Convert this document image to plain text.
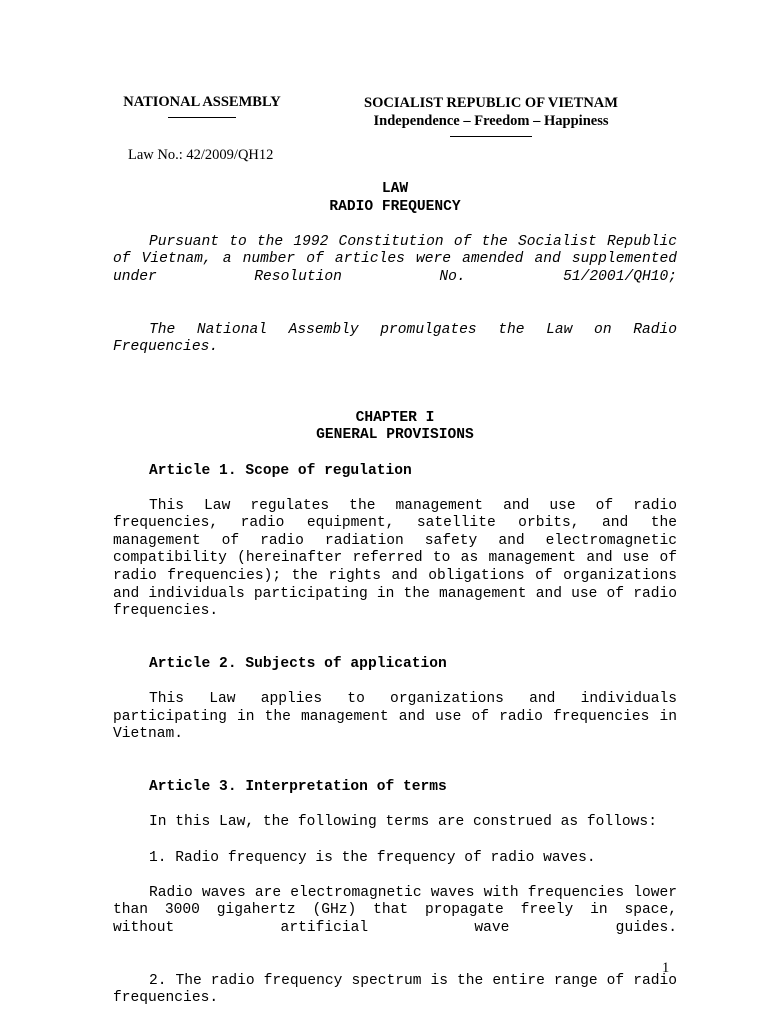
NATIONAL ASSEMBLY	SOCIALIST REPUBLIC OF VIETNAM
Independence – Freedom – Happiness
Law No.: 42/2009/QH12
LAW
RADIO FREQUENCY

Pursuant to the 1992 Constitution of the Socialist Republic of Vietnam, a number of articles were amended and supplemented under Resolution No. 51/2001/QH10;

The National Assembly promulgates the Law on Radio Frequencies.

CHAPTER I
GENERAL PROVISIONS

Article 1. Scope of regulation

This Law regulates the management and use of radio frequencies, radio equipment, satellite orbits, and the management of radio radiation safety and electromagnetic compatibility (hereinafter referred to as management and use of radio frequencies); the rights and obligations of organizations and individuals participating in the management and use of radio frequencies.

Article 2. Subjects of application

This Law applies to organizations and individuals participating in the management and use of radio frequencies in Vietnam.

Article 3. Interpretation of terms

In this Law, the following terms are construed as follows:

1. Radio frequency is the frequency of radio waves.

Radio waves are electromagnetic waves with frequencies lower than 3000 gigahertz (GHz) that propagate freely in space, without artificial wave guides.

2. The radio frequency spectrum is the entire range of radio frequencies.

1
